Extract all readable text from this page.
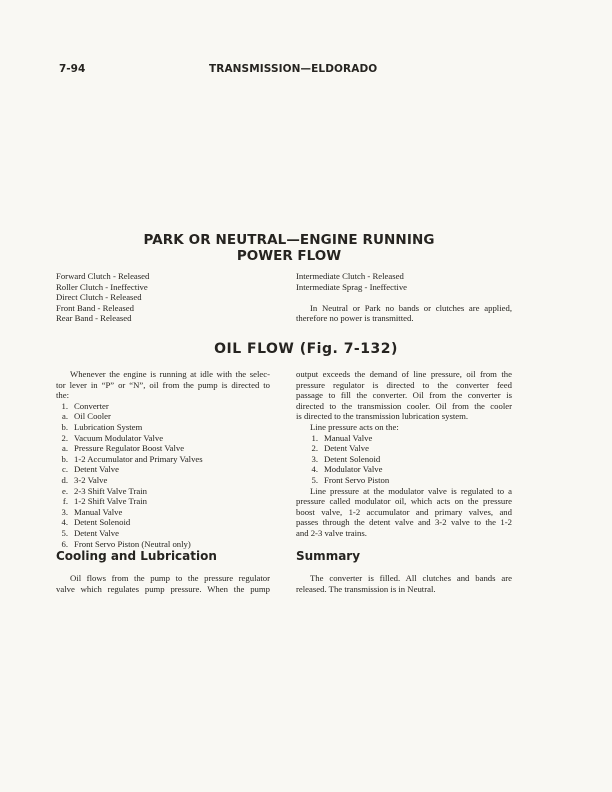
7-94	TRANSMISSION—ELDORADO
PARK OR NEUTRAL—ENGINE RUNNING
POWER FLOW
Forward Clutch - Released
Roller Clutch - Ineffective
Direct Clutch - Released
Front Band - Released
Rear Band - Released
Intermediate Clutch - Released
Intermediate Sprag - Ineffective
In Neutral or Park no bands or clutches are applied,
therefore no power is transmitted.
OIL FLOW (Fig. 7-132)
Whenever the engine is running at idle with the selec-
tor lever in “P” or “N”, oil from the pump is directed to
the:
1. Converter
a. Oil Cooler
b. Lubrication System
2. Vacuum Modulator Valve
a. Pressure Regulator Boost Valve
b. 1-2 Accumulator and Primary Valves
c. Detent Valve
d. 3-2 Valve
e. 2-3 Shift Valve Train
f. 1-2 Shift Valve Train
3. Manual Valve
4. Detent Solenoid
5. Detent Valve
6. Front Servo Piston (Neutral only)
Cooling and Lubrication
Oil flows from the pump to the pressure regulator
valve which regulates pump pressure. When the pump
output exceeds the demand of line pressure, oil from the
pressure regulator is directed to the converter feed
passage to fill the converter. Oil from the converter is
directed to the transmission cooler. Oil from the cooler
is directed to the transmission lubrication system.
Line pressure acts on the:
1. Manual Valve
2. Detent Valve
3. Detent Solenoid
4. Modulator Valve
5. Front Servo Piston
Line pressure at the modulator valve is regulated to a
pressure called modulator oil, which acts on the pressure
boost valve, 1-2 accumulator and primary valves, and
passes through the detent valve and 3-2 valve to the 1-2
and 2-3 valve trains.
Summary
The converter is filled. All clutches and bands are
released. The transmission is in Neutral.
